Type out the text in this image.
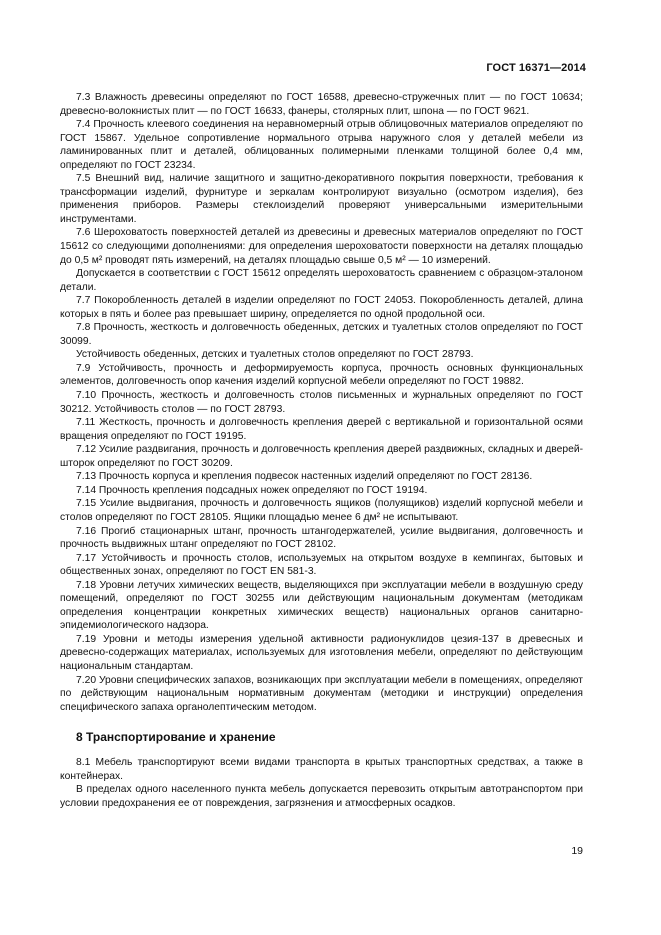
ГОСТ 16371—2014

7.3 Влажность древесины определяют по ГОСТ 16588, древесно-стружечных плит — по ГОСТ 10634; древесно-волокнистых плит — по ГОСТ 16633, фанеры, столярных плит, шпона — по ГОСТ 9621.

7.4 Прочность клеевого соединения на неравномерный отрыв облицовочных материалов определяют по ГОСТ 15867. Удельное сопротивление нормального отрыва наружного слоя у деталей мебели из ламинированных плит и деталей, облицованных полимерными пленками толщиной более 0,4 мм, определяют по ГОСТ 23234.

7.5 Внешний вид, наличие защитного и защитно-декоративного покрытия поверхности, требования к трансформации изделий, фурнитуре и зеркалам контролируют визуально (осмотром изделия), без применения приборов. Размеры стеклоизделий проверяют универсальными измерительными инструментами.

7.6 Шероховатость поверхностей деталей из древесины и древесных материалов определяют по ГОСТ 15612 со следующими дополнениями: для определения шероховатости поверхности на деталях площадью до 0,5 м² проводят пять измерений, на деталях площадью свыше 0,5 м² — 10 измерений.

Допускается в соответствии с ГОСТ 15612 определять шероховатость сравнением с образцом-эталоном детали.

7.7 Покоробленность деталей в изделии определяют по ГОСТ 24053. Покоробленность деталей, длина которых в пять и более раз превышает ширину, определяется по одной продольной оси.

7.8 Прочность, жесткость и долговечность обеденных, детских и туалетных столов определяют по ГОСТ 30099.

Устойчивость обеденных, детских и туалетных столов определяют по ГОСТ 28793.

7.9 Устойчивость, прочность и деформируемость корпуса, прочность основных функциональных элементов, долговечность опор качения изделий корпусной мебели определяют по ГОСТ 19882.

7.10 Прочность, жесткость и долговечность столов письменных и журнальных определяют по ГОСТ 30212. Устойчивость столов — по ГОСТ 28793.

7.11 Жесткость, прочность и долговечность крепления дверей с вертикальной и горизонтальной осями вращения определяют по ГОСТ 19195.

7.12 Усилие раздвигания, прочность и долговечность крепления дверей раздвижных, складных и дверей-шторок определяют по ГОСТ 30209.

7.13 Прочность корпуса и крепления подвесок настенных изделий определяют по ГОСТ 28136.

7.14 Прочность крепления подсадных ножек определяют по ГОСТ 19194.

7.15 Усилие выдвигания, прочность и долговечность ящиков (полуящиков) изделий корпусной мебели и столов определяют по ГОСТ 28105. Ящики площадью менее 6 дм² не испытывают.

7.16 Прогиб стационарных штанг, прочность штангодержателей, усилие выдвигания, долговечность и прочность выдвижных штанг определяют по ГОСТ 28102.

7.17 Устойчивость и прочность столов, используемых на открытом воздухе в кемпингах, бытовых и общественных зонах, определяют по ГОСТ EN 581-3.

7.18 Уровни летучих химических веществ, выделяющихся при эксплуатации мебели в воздушную среду помещений, определяют по ГОСТ 30255 или действующим национальным документам (методикам определения концентрации конкретных химических веществ) национальных органов санитарно-эпидемиологического надзора.

7.19 Уровни и методы измерения удельной активности радионуклидов цезия-137 в древесных и древесно-содержащих материалах, используемых для изготовления мебели, определяют по действующим национальным стандартам.

7.20 Уровни специфических запахов, возникающих при эксплуатации мебели в помещениях, определяют по действующим национальным нормативным документам (методики и инструкции) определения специфического запаха органолептическим методом.

8 Транспортирование и хранение

8.1 Мебель транспортируют всеми видами транспорта в крытых транспортных средствах, а также в контейнерах.

В пределах одного населенного пункта мебель допускается перевозить открытым автотранспортом при условии предохранения ее от повреждения, загрязнения и атмосферных осадков.

19
